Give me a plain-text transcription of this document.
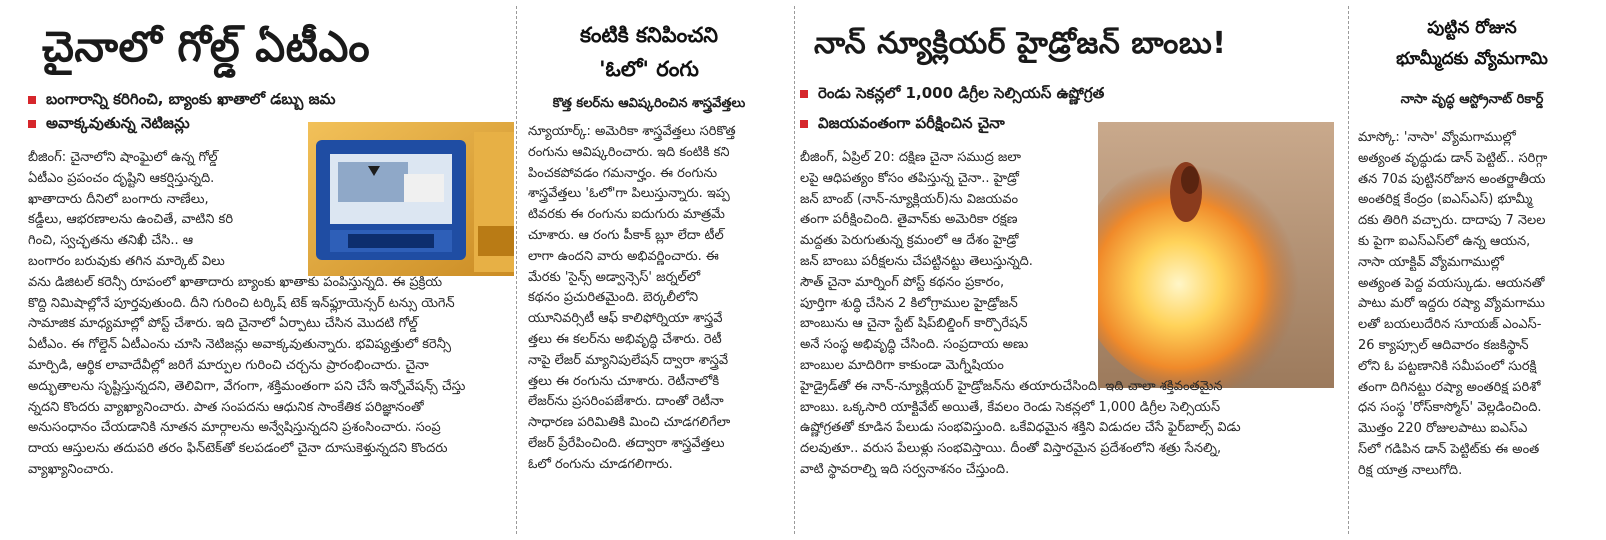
చైనాలో గోల్డ్ ఏటీఎం
బంగారాన్ని కరిగించి, బ్యాంకు ఖాతాలో డబ్బు జమ
అవాక్కవుతున్న నెటిజన్లు
బీజింగ్: చైనాలోని షాంఘైలో ఉన్న గోల్డ్
ఏటీఎం ప్రపంచం దృష్టిని ఆకర్షిస్తున్నది.
ఖాతాదారు దీనిలో బంగారు నాణేలు,
కడ్డీలు, ఆభరణాలను ఉంచితే, వాటిని కరి
గించి, స్వచ్ఛతను తనిఖీ చేసి.. ఆ
బంగారం బరువుకు తగిన మార్కెట్ విలు
వను డిజిటల్ కరెన్సీ రూపంలో ఖాతాదారు బ్యాంకు ఖాతాకు పంపిస్తున్నది. ఈ ప్రక్రియ
కొద్ది నిమిషాల్లోనే పూర్తవుతుంది. దీని గురించి టర్కిష్ టెక్ ఇన్‌ఫ్లూయెన్సర్ టన్సు యెగెన్
సామాజిక మాధ్యమాల్లో పోస్ట్ చేశారు. ఇది చైనాలో ఏర్పాటు చేసిన మొదటి గోల్డ్
ఏటీఎం. ఈ గోల్డెన్ ఏటీఎంను చూసి నెటిజన్లు అవాక్కవుతున్నారు. భవిష్యత్తులో కరెన్సీ
మార్పిడి, ఆర్థిక లావాదేవీల్లో జరిగే మార్పుల గురించి చర్చను ప్రారంభించారు. చైనా
అద్భుతాలను సృష్టిస్తున్నదని, తెలివిగా, వేగంగా, శక్తిమంతంగా పని చేసే ఇన్నోవేషన్స్ చేస్తు
న్నదని కొందరు వ్యాఖ్యానించారు. పాత సంపదను ఆధునిక సాంకేతిక పరిజ్ఞానంతో
అనుసంధానం చేయడానికి నూతన మార్గాలను అన్వేషిస్తున్నదని ప్రశంసించారు. సంప్ర
దాయ ఆస్తులను తదుపరి తరం ఫిన్‌టెక్‌తో కలపడంలో చైనా దూసుకెళ్తున్నదని కొందరు
వ్యాఖ్యానించారు.
కంటికి కనిపించని
'ఓలో' రంగు
కొత్త కలర్‌ను ఆవిష్కరించిన శాస్త్రవేత్తలు
న్యూయార్క్: అమెరికా శాస్త్రవేత్తలు సరికొత్త
రంగును ఆవిష్కరించారు. ఇది కంటికి కని
పించకపోవడం గమనార్హం. ఈ రంగును
శాస్త్రవేత్తలు 'ఓలో'గా పిలుస్తున్నారు. ఇప్ప
టివరకు ఈ రంగును ఐదుగురు మాత్రమే
చూశారు. ఆ రంగు పీకాక్ బ్లూ లేదా టీల్
లాగా ఉందని వారు అభివర్ణించారు. ఈ
మేరకు 'సైన్స్ అడ్వాన్సెస్' జర్నల్‌లో
కథనం ప్రచురితమైంది. బెర్కలీలోని
యూనివర్సిటీ ఆఫ్ కాలిఫోర్నియా శాస్త్రవే
త్తలు ఈ కలర్‌ను అభివృద్ధి చేశారు. రెటీ
నాపై లేజర్ మ్యానిపులేషన్ ద్వారా శాస్త్రవే
త్తలు ఈ రంగును చూశారు. రెటీనాలోకి
లేజర్‌ను ప్రసరింపజేశారు. దాంతో రెటీనా
సాధారణ పరిమితికి మించి చూడగలిగేలా
లేజర్ ప్రేరేపించింది. తద్వారా శాస్త్రవేత్తలు
ఓలో రంగును చూడగలిగారు.
నాన్ న్యూక్లియర్ హైడ్రోజన్ బాంబు!
రెండు సెకన్లలో 1,000 డిగ్రీల సెల్సియస్ ఉష్ణోగ్రత
విజయవంతంగా పరీక్షించిన చైనా
బీజింగ్, ఏప్రిల్ 20: దక్షిణ చైనా సముద్ర జలా
లపై ఆధిపత్యం కోసం తపిస్తున్న చైనా.. హైడ్రో
జన్ బాంబ్ (నాన్-న్యూక్లియర్)ను విజయవం
తంగా పరీక్షించింది. తైవాన్‌కు అమెరికా రక్షణ
మద్దతు పెరుగుతున్న క్రమంలో ఆ దేశం హైడ్రో
జన్ బాంబు పరీక్షలను చేపట్టినట్టు తెలుస్తున్నది.
సౌత్ చైనా మార్నింగ్ పోస్ట్ కథనం ప్రకారం,
పూర్తిగా శుద్ధి చేసిన 2 కిలోగ్రాముల హైడ్రోజన్
బాంబును ఆ చైనా స్టేట్ షిప్‌బిల్డింగ్ కార్పొరేషన్
అనే సంస్థ అభివృద్ధి చేసింది. సంప్రదాయ అణు
బాంబుల మాదిరిగా కాకుండా మెగ్నీషియం
హైడ్రైడ్‌తో ఈ నాన్-న్యూక్లియర్ హైడ్రోజన్‌ను తయారుచేసింది. ఇది చాలా శక్తివంతమైన
బాంబు. ఒక్కసారి యాక్టివేట్ అయితే, కేవలం రెండు సెకన్లలో 1,000 డిగ్రీల సెల్సియస్
ఉష్ణోగ్రతతో కూడిన పేలుడు సంభవిస్తుంది. ఒకేవిధమైన శక్తిని విడుదల చేసే ఫైర్‌బాల్స్ విడు
దలవుతూ.. వరుస పేలుళ్లు సంభవిస్తాయి. దీంతో విస్తారమైన ప్రదేశంలోని శత్రు సేనల్ని,
వాటి స్థావరాల్ని ఇది సర్వనాశనం చేస్తుంది.
పుట్టిన రోజున
భూమ్మీదకు వ్యోమగామి
నాసా వృద్ధ ఆస్ట్రోనాట్ రికార్డ్
మాస్కో: 'నాసా' వ్యోమగాముల్లో
అత్యంత వృద్ధుడు డాన్ పెట్టిట్.. సరిగ్గా
తన 70వ పుట్టినరోజున అంతర్జాతీయ
అంతరిక్ష కేంద్రం (ఐఎస్ఎస్) భూమ్మీ
దకు తిరిగి వచ్చారు. దాదాపు 7 నెలల
కు పైగా ఐఎస్ఎస్‌లో ఉన్న ఆయన,
నాసా యాక్టివ్ వ్యోమగాముల్లో
అత్యంత పెద్ద వయస్కుడు. ఆయనతో
పాటు మరో ఇద్దరు రష్యా వ్యోమగాము
లతో బయలుదేరిన సూయజ్ ఎంఎస్-
26 క్యాప్సూల్ ఆదివారం కజకిస్థాన్
లోని ఓ పట్టణానికి సమీపంలో సురక్షి
తంగా దిగినట్టు రష్యా అంతరిక్ష పరిశో
ధన సంస్థ 'రోస్‌కాస్మోస్' వెల్లడించింది.
మొత్తం 220 రోజులపాటు ఐఎస్ఎ
స్‌లో గడిపిన డాన్ పెట్టిట్‌కు ఈ అంత
రిక్ష యాత్ర నాలుగోది.
